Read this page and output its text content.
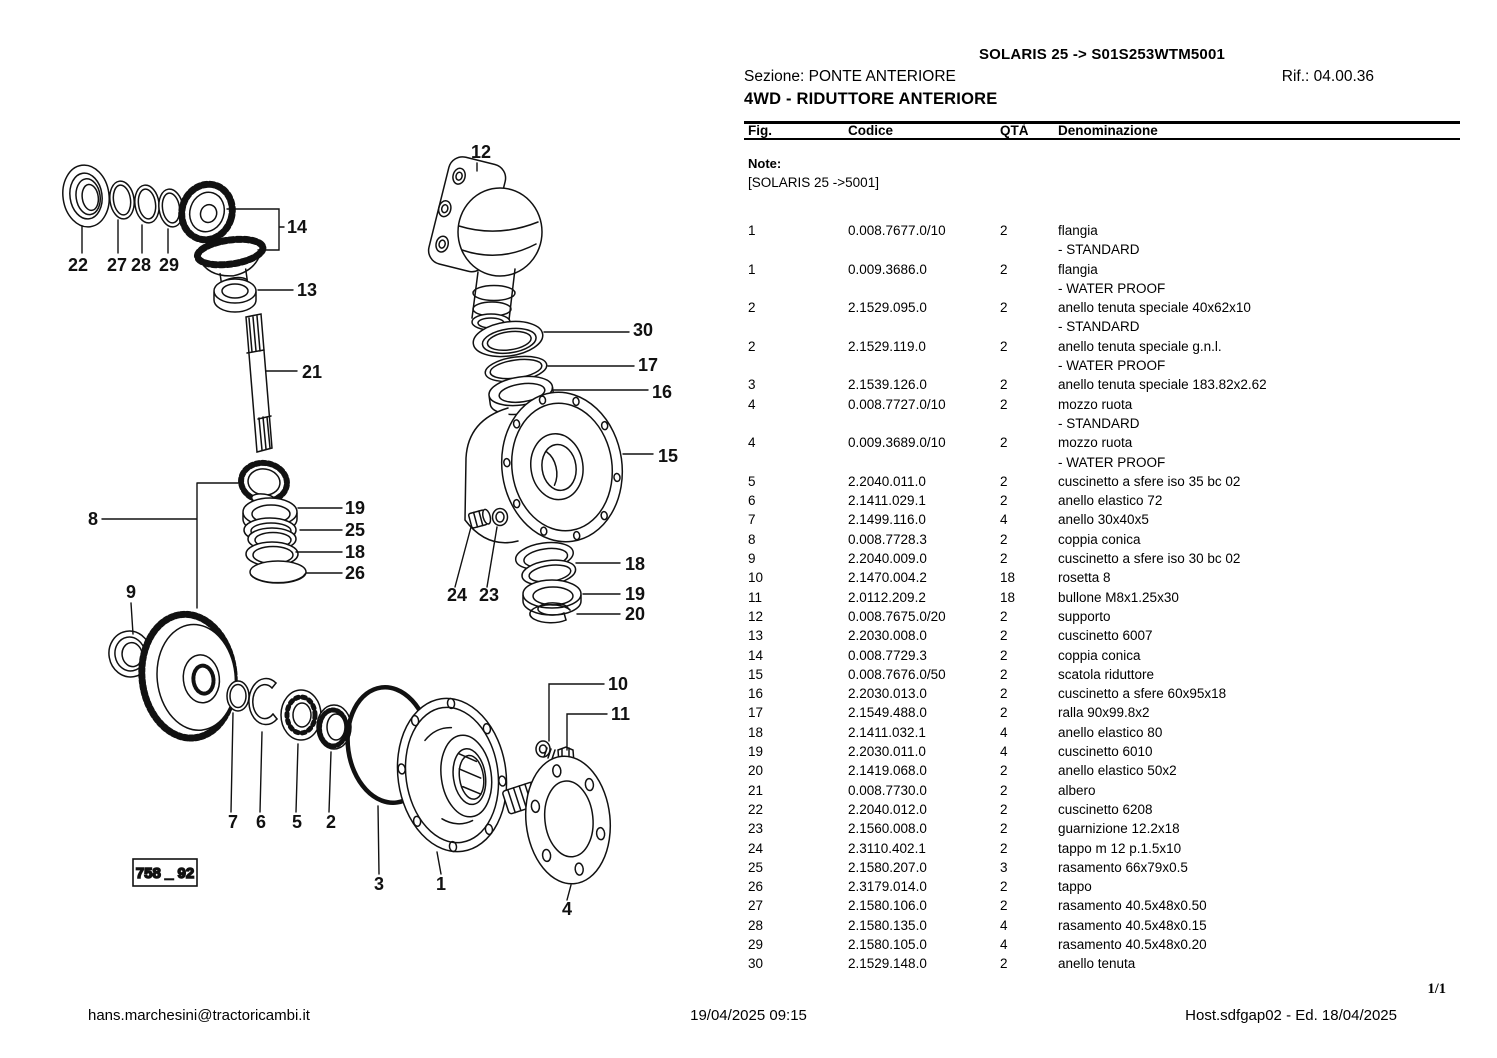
758 _ 92
22 27 28 29
14
13
21
8
19
25
18
26
9
7 6 5 2
3	1
10
11
4
12
30
17
16
15
24 23
18
19
20
SOLARIS 25 -> S01S253WTM5001
Sezione: PONTE ANTERIORE	Rif.: 04.00.36
4WD - RIDUTTORE ANTERIORE
Fig.	Codice	QTÀ	Denominazione
Note:
[SOLARIS 25 ->5001]
1	0.008.7677.0/10	2	flangia
- STANDARD
1	0.009.3686.0	2	flangia
- WATER PROOF
2	2.1529.095.0	2	anello tenuta speciale 40x62x10
- STANDARD
2	2.1529.119.0	2	anello tenuta speciale g.n.l.
- WATER PROOF
3	2.1539.126.0	2	anello tenuta speciale 183.82x2.62
4	0.008.7727.0/10	2	mozzo ruota
- STANDARD
4	0.009.3689.0/10	2	mozzo ruota
- WATER PROOF
5	2.2040.011.0	2	cuscinetto a sfere iso 35 bc 02
6	2.1411.029.1	2	anello elastico 72
7	2.1499.116.0	4	anello 30x40x5
8	0.008.7728.3	2	coppia conica
9	2.2040.009.0	2	cuscinetto a sfere iso 30 bc 02
10	2.1470.004.2	18	rosetta 8
11	2.0112.209.2	18	bullone M8x1.25x30
12	0.008.7675.0/20	2	supporto
13	2.2030.008.0	2	cuscinetto 6007
14	0.008.7729.3	2	coppia conica
15	0.008.7676.0/50	2	scatola riduttore
16	2.2030.013.0	2	cuscinetto a sfere 60x95x18
17	2.1549.488.0	2	ralla 90x99.8x2
18	2.1411.032.1	4	anello elastico 80
19	2.2030.011.0	4	cuscinetto 6010
20	2.1419.068.0	2	anello elastico 50x2
21	0.008.7730.0	2	albero
22	2.2040.012.0	2	cuscinetto 6208
23	2.1560.008.0	2	guarnizione 12.2x18
24	2.3110.402.1	2	tappo m 12 p.1.5x10
25	2.1580.207.0	3	rasamento 66x79x0.5
26	2.3179.014.0	2	tappo
27	2.1580.106.0	2	rasamento 40.5x48x0.50
28	2.1580.135.0	4	rasamento 40.5x48x0.15
29	2.1580.105.0	4	rasamento 40.5x48x0.20
30	2.1529.148.0	2	anello tenuta
1/1
19/04/2025 09:15
hans.marchesini@tractoricambi.it	Host.sdfgap02 - Ed. 18/04/2025
